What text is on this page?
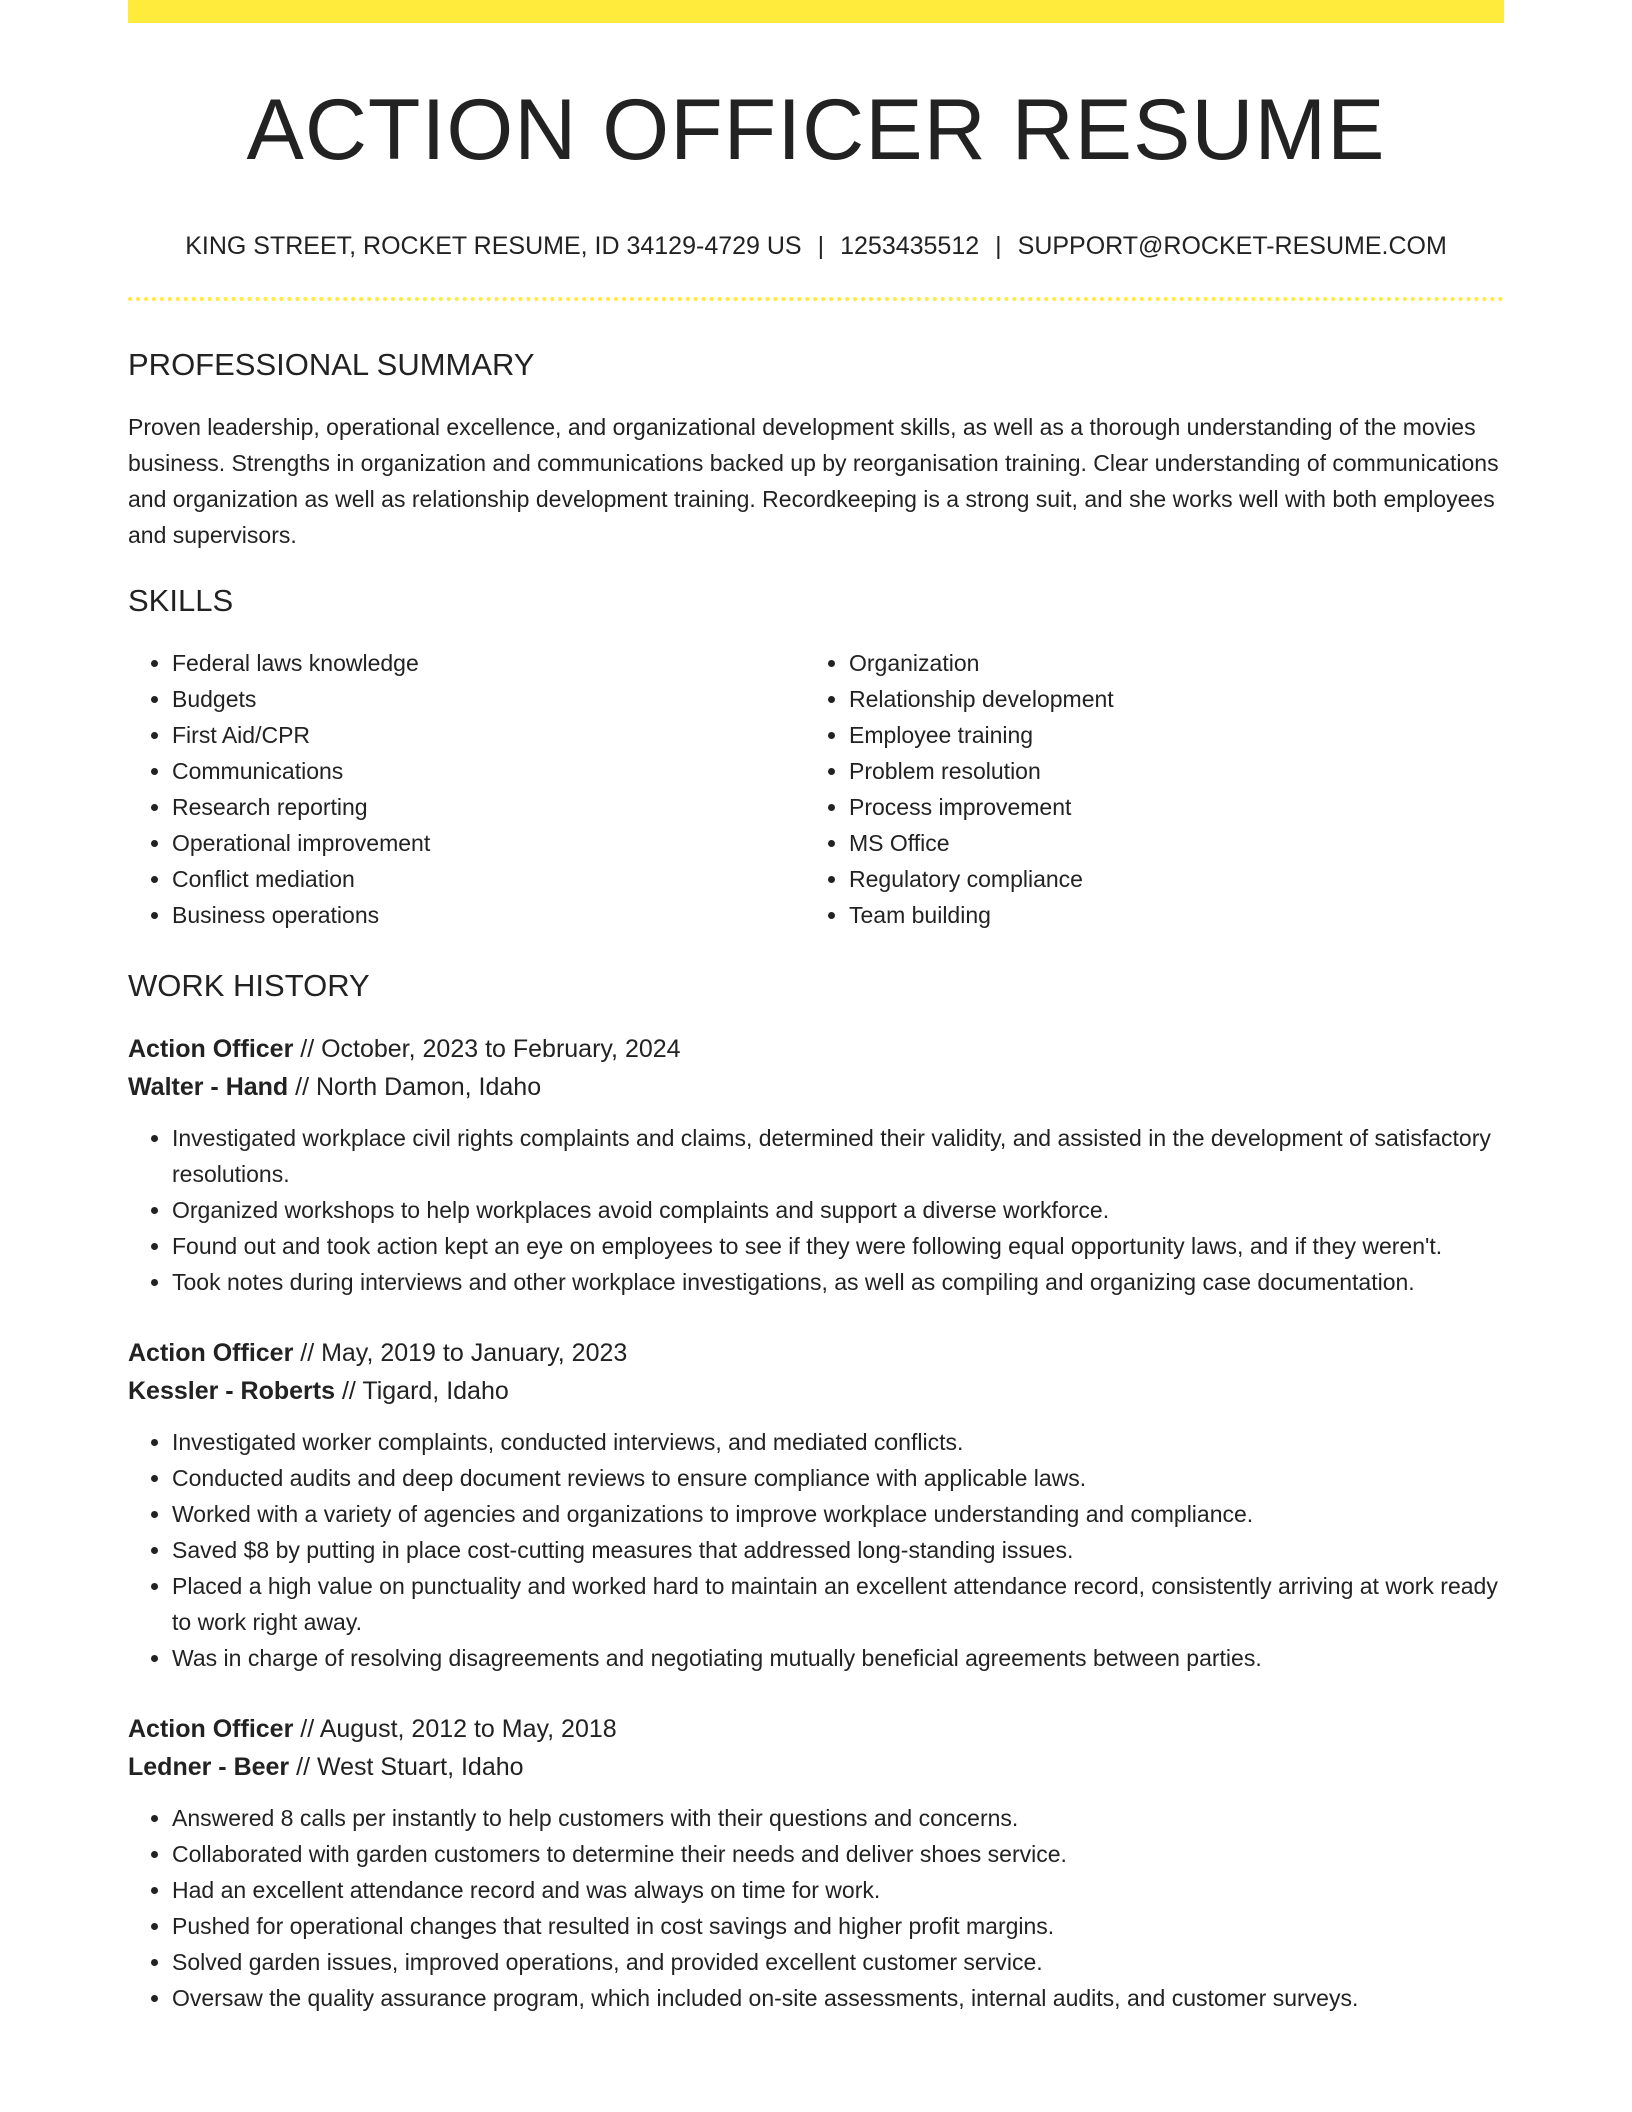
ACTION OFFICER RESUME
KING STREET, ROCKET RESUME, ID 34129-4729 US | 1253435512 | SUPPORT@ROCKET-RESUME.COM
PROFESSIONAL SUMMARY

Proven leadership, operational excellence, and organizational development skills, as well as a thorough understanding of the movies business. Strengths in organization and communications backed up by reorganisation training. Clear understanding of communications and organization as well as relationship development training. Recordkeeping is a strong suit, and she works well with both employees and supervisors.

SKILLS
• Federal laws knowledge
• Budgets
• First Aid/CPR
• Communications
• Research reporting
• Operational improvement
• Conflict mediation
• Business operations
• Organization
• Relationship development
• Employee training
• Problem resolution
• Process improvement
• MS Office
• Regulatory compliance
• Team building
WORK HISTORY
Action Officer // October, 2023 to February, 2024
Walter - Hand // North Damon, Idaho
• Investigated workplace civil rights complaints and claims, determined their validity, and assisted in the development of satisfactory resolutions.
• Organized workshops to help workplaces avoid complaints and support a diverse workforce.
• Found out and took action kept an eye on employees to see if they were following equal opportunity laws, and if they weren't.
• Took notes during interviews and other workplace investigations, as well as compiling and organizing case documentation.
Action Officer // May, 2019 to January, 2023
Kessler - Roberts // Tigard, Idaho
• Investigated worker complaints, conducted interviews, and mediated conflicts.
• Conducted audits and deep document reviews to ensure compliance with applicable laws.
• Worked with a variety of agencies and organizations to improve workplace understanding and compliance.
• Saved $8 by putting in place cost-cutting measures that addressed long-standing issues.
• Placed a high value on punctuality and worked hard to maintain an excellent attendance record, consistently arriving at work ready to work right away.
• Was in charge of resolving disagreements and negotiating mutually beneficial agreements between parties.
Action Officer // August, 2012 to May, 2018
Ledner - Beer // West Stuart, Idaho
• Answered 8 calls per instantly to help customers with their questions and concerns.
• Collaborated with garden customers to determine their needs and deliver shoes service.
• Had an excellent attendance record and was always on time for work.
• Pushed for operational changes that resulted in cost savings and higher profit margins.
• Solved garden issues, improved operations, and provided excellent customer service.
• Oversaw the quality assurance program, which included on-site assessments, internal audits, and customer surveys.
